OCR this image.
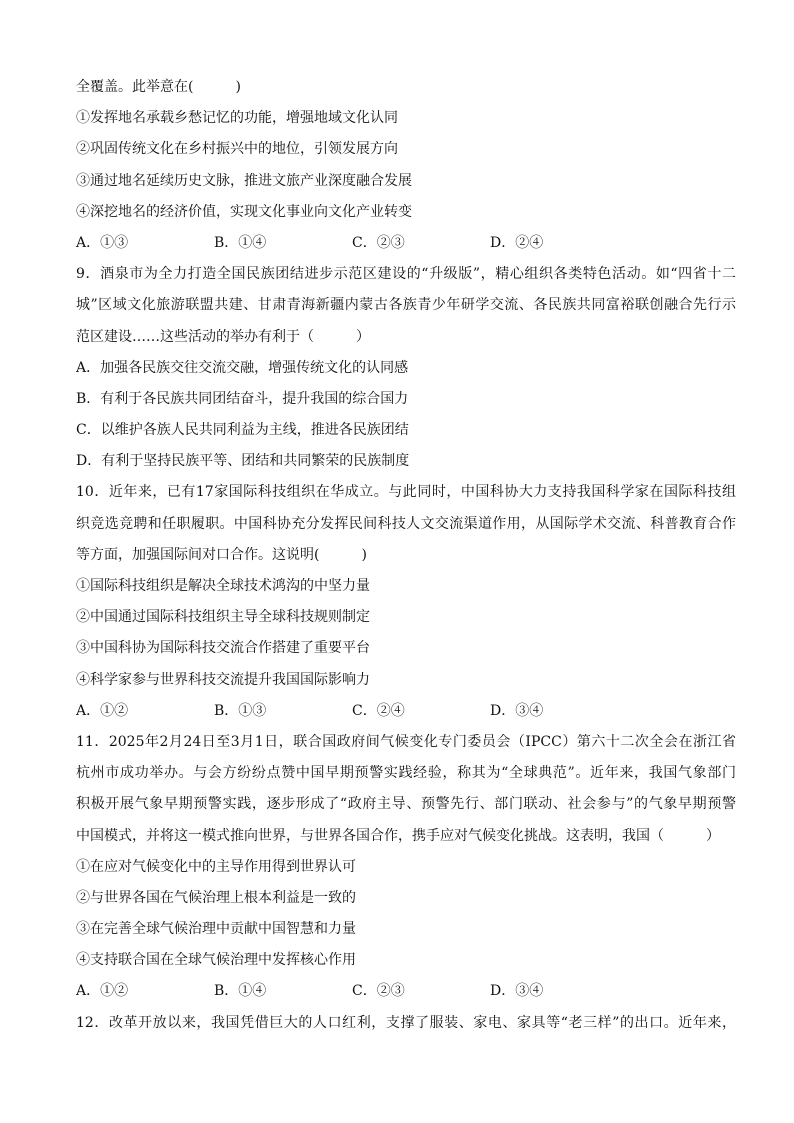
全覆盖。此举意在(　　　)
①发挥地名承载乡愁记忆的功能，增强地域文化认同
②巩固传统文化在乡村振兴中的地位，引领发展方向
③通过地名延续历史文脉，推进文旅产业深度融合发展
④深挖地名的经济价值，实现文化事业向文化产业转变
A．①③	B．①④	C．②③	D．②④
9．酒泉市为全力打造全国民族团结进步示范区建设的“升级版”，精心组织各类特色活动。如“四省十二
城”区域文化旅游联盟共建、甘肃青海新疆内蒙古各族青少年研学交流、各民族共同富裕联创融合先行示
范区建设……这些活动的举办有利于（　　　）
A．加强各民族交往交流交融，增强传统文化的认同感
B．有利于各民族共同团结奋斗，提升我国的综合国力
C．以维护各族人民共同利益为主线，推进各民族团结
D．有利于坚持民族平等、团结和共同繁荣的民族制度
10．近年来，已有17家国际科技组织在华成立。与此同时，中国科协大力支持我国科学家在国际科技组
织竞选竞聘和任职履职。中国科协充分发挥民间科技人文交流渠道作用，从国际学术交流、科普教育合作
等方面，加强国际间对口合作。这说明(　　　)
①国际科技组织是解决全球技术鸿沟的中坚力量
②中国通过国际科技组织主导全球科技规则制定
③中国科协为国际科技交流合作搭建了重要平台
④科学家参与世界科技交流提升我国国际影响力
A．①②	B．①③	C．②④	D．③④
11．2025年2月24日至3月1日，联合国政府间气候变化专门委员会（IPCC）第六十二次全会在浙江省
杭州市成功举办。与会方纷纷点赞中国早期预警实践经验，称其为“全球典范”。近年来，我国气象部门
积极开展气象早期预警实践，逐步形成了“政府主导、预警先行、部门联动、社会参与”的气象早期预警
中国模式，并将这一模式推向世界，与世界各国合作，携手应对气候变化挑战。这表明，我国（　　　）
①在应对气候变化中的主导作用得到世界认可
②与世界各国在气候治理上根本利益是一致的
③在完善全球气候治理中贡献中国智慧和力量
④支持联合国在全球气候治理中发挥核心作用
A．①②	B．①④	C．②③	D．③④
12．改革开放以来，我国凭借巨大的人口红利，支撑了服装、家电、家具等“老三样”的出口。近年来，
